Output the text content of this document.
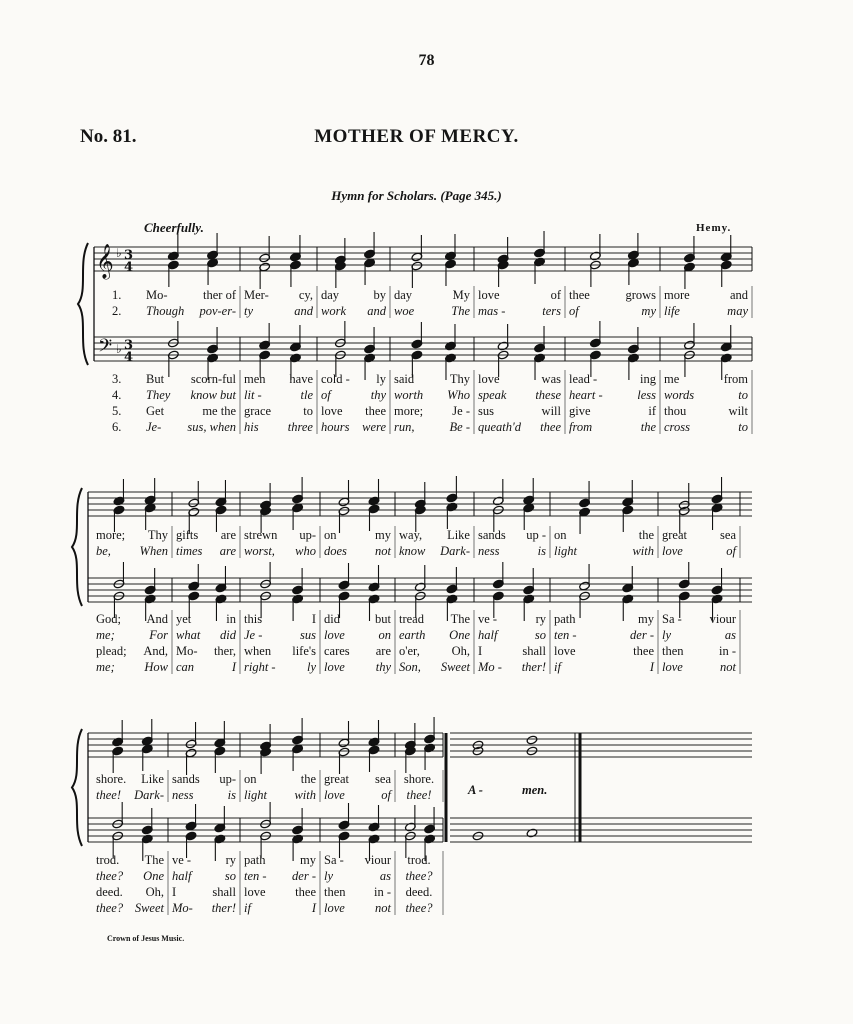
78
No. 81.	MOTHER OF MERCY.
Hymn for Scholars. (Page 345.)
Cheerfully.	Hemy.
Crown of Jesus Music.
𝄞
𝄢
♭
♭
3
4
3
4
Mo-	ther of Mer- cy, day	by day	My love	of thee	grows more	and
Though pov-er- ty	and work and woe	The mas -	ters of	my life	may
But scorn-ful men have cold - ly said	Thy love	was lead -	ing me	from
They know but lit -	tle of	thy worth Who speak these heart -	less words	to
Get	me the grace	to love thee more; Je - sus	will give	if thou	wilt
Je- sus, when his three hours were run,	Be - queath'd thee from	the cross	to
1.
2.
3.
4.
5.
6.
more; Thy gifts are strewn up- on	my way, Like sands up - on	the great	sea
be, When times are worst, who does not know Dark- ness	is light	with love	of
God; And yet	in this	I did	but tread The ve -	ry path	my Sa - viour
me;	For what did Je -	sus love	on earth One half	so ten -	der - ly	as
plead; And, Mo- ther, when life's cares are o'er,	Oh, I	shall love	thee then	in -
me; How can	I right -	ly love thy Son, Sweet Mo - ther! if	I love	not
shore. Like sands up- on	the great sea shore.
thee! Dark- ness	is light with love	of thee!
trod. The ve -	ry path	my Sa - viour trod.
thee? One half	so ten - der - ly	as thee?
deed. Oh, I	shall love thee then in - deed.
thee? Sweet Mo- ther! if	I love not thee?
A -	men.
